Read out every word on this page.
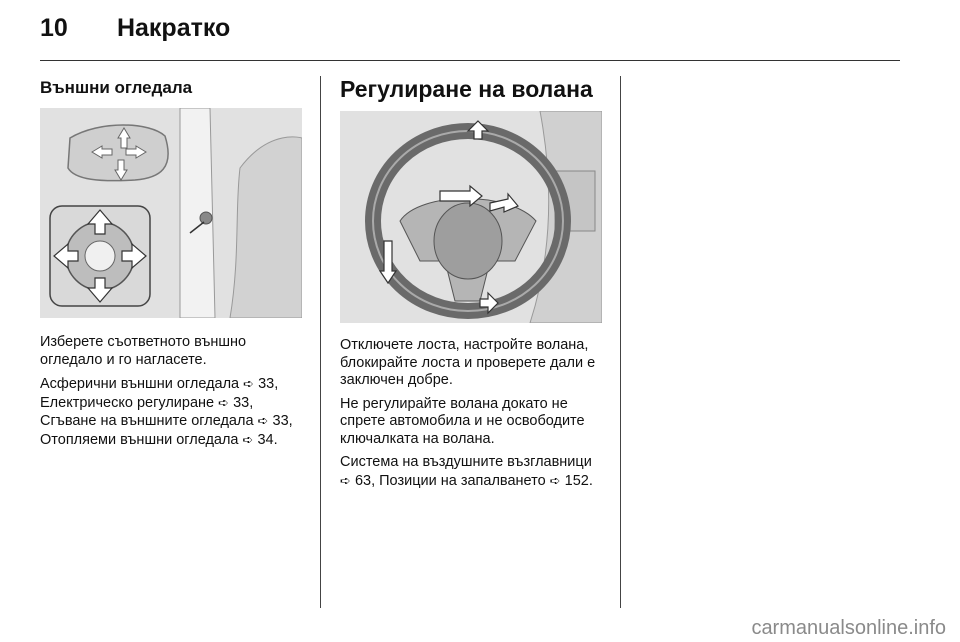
10 Накратко
Външни огледала

Изберете съответното външно огледало и го нагласете.

Асферични външни огледала ➪ 33, Електрическо регулиране ➪ 33, Сгъване на външните огледала ➪ 33, Отопляеми външни огледала ➪ 34.

Регулиране на волана

Отключете лоста, настройте волана, блокирайте лоста и проверете дали е заключен добре.

Не регулирайте волана докато не спрете автомобила и не освободите ключалката на волана.

Система на въздушните възглавници ➪ 63, Позиции на запалването ➪ 152.

carmanualsonline.info
